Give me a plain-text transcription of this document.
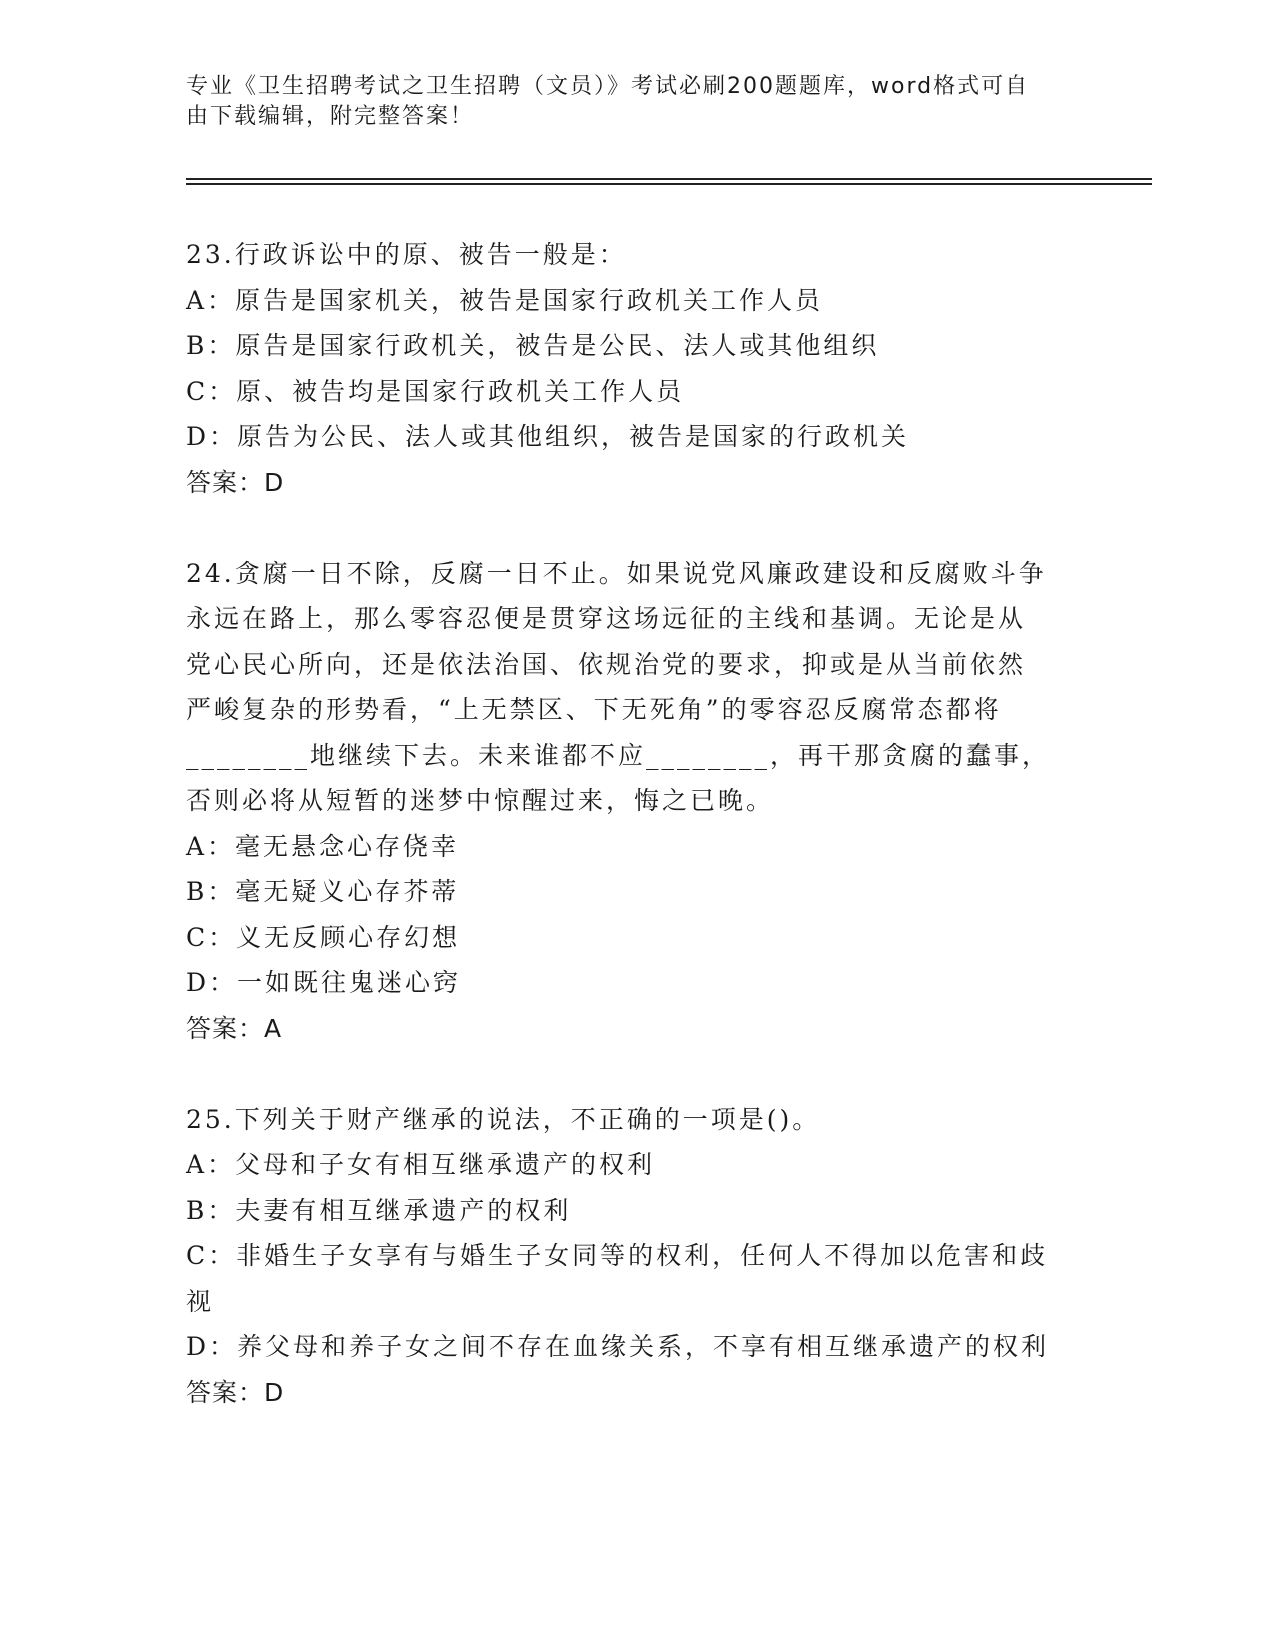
专业《卫生招聘考试之卫生招聘（文员）》考试必刷200题题库，word格式可自
由下载编辑，附完整答案！
23.行政诉讼中的原、被告一般是：
A：原告是国家机关，被告是国家行政机关工作人员
B：原告是国家行政机关，被告是公民、法人或其他组织
C：原、被告均是国家行政机关工作人员
D：原告为公民、法人或其他组织，被告是国家的行政机关
答案：D
24.贪腐一日不除，反腐一日不止。如果说党风廉政建设和反腐败斗争
永远在路上，那么零容忍便是贯穿这场远征的主线和基调。无论是从
党心民心所向，还是依法治国、依规治党的要求，抑或是从当前依然
严峻复杂的形势看，“上无禁区、下无死角”的零容忍反腐常态都将
________地继续下去。未来谁都不应________，再干那贪腐的蠢事，
否则必将从短暂的迷梦中惊醒过来，悔之已晚。
A：毫无悬念心存侥幸
B：毫无疑义心存芥蒂
C：义无反顾心存幻想
D：一如既往鬼迷心窍
答案：A
25.下列关于财产继承的说法，不正确的一项是()。
A：父母和子女有相互继承遗产的权利
B：夫妻有相互继承遗产的权利
C：非婚生子女享有与婚生子女同等的权利，任何人不得加以危害和歧
视
D：养父母和养子女之间不存在血缘关系，不享有相互继承遗产的权利
答案：D
